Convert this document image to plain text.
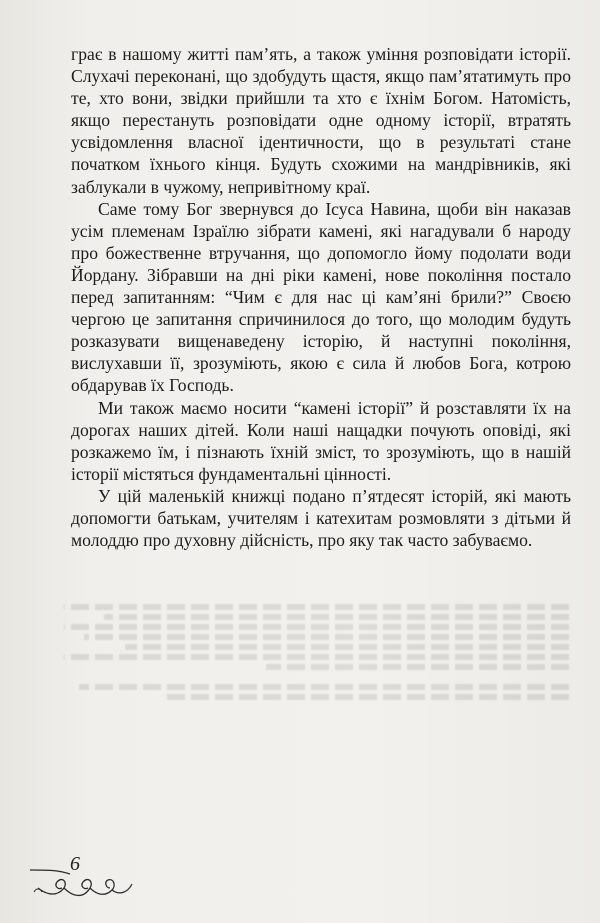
грає в нашому житті пам’ять, а також уміння розповідати історії. Слухачі переконані, що здобудуть щастя, якщо пам’ятатимуть про те, хто вони, звідки прийшли та хто є їхнім Богом. Натомість, якщо перестануть розповідати одне одному історії, втратять усвідомлення власної ідентичности, що в результаті стане початком їхнього кінця. Будуть схожими на мандрівників, які заблукали в чужому, непривітному краї.

Саме тому Бог звернувся до Ісуса Навина, щоби він наказав усім племенам Ізраїлю зібрати камені, які нагадували б народу про божественне втручання, що допомогло йому подолати води Йордану. Зібравши на дні ріки камені, нове покоління постало перед запитанням: “Чим є для нас ці кам’яні брили?” Своєю чергою це запитання спричинилося до того, що молодим будуть розказувати вищенаведену історію, й наступні покоління, вислухавши її, зрозуміють, якою є сила й любов Бога, котрою обдарував їх Господь.

Ми також маємо носити “камені історії” й розставляти їх на дорогах наших дітей. Коли наші нащадки почують оповіді, які розкажемо їм, і пізнають їхній зміст, то зрозуміють, що в нашій історії містяться фундаментальні цінності.

У цій маленькій книжці подано п’ятдесят історій, які мають допомогти батькам, учителям і катехитам розмовляти з дітьми й молоддю про духовну дійсність, про яку так часто забуваємо.

6
